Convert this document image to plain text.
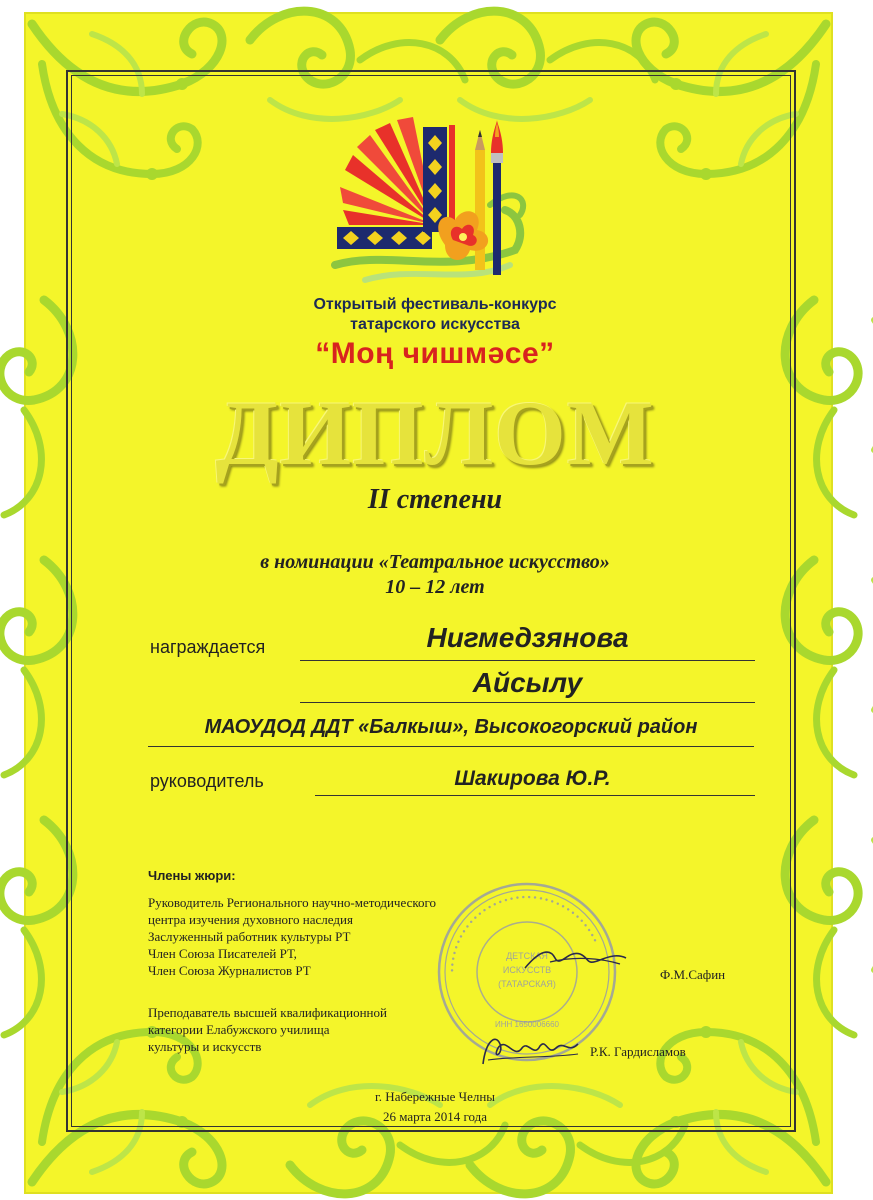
Открытый фестиваль-конкурс
татарского искусства
“Моң чишмәсе”
ДИПЛОМ
II степени
в номинации «Театральное искусство»
10 – 12 лет
награждается	Нигмедзянова
Айсылу
МАОУДОД ДДТ «Балкыш», Высокогорский район
руководитель	Шакирова Ю.Р.
Члены жюри:
Руководитель Регионального научно-методического
центра изучения духовного наследия
Заслуженный работник культуры РТ
Член Союза Писателей РТ,
Член Союза Журналистов РТ	Ф.М.Сафин
Преподаватель высшей квалификационной
категории Елабужского училища
культуры и искусств	Р.К. Гардисламов
• • • • • • • • • • • • • • • • • • • • • • • • • • • • • • • • • • •
ДЕТСКАЯ
ИСКУССТВ
(ТАТАРСКАЯ)
ИНН 1650006660
г. Набережные Челны
26 марта 2014 года
